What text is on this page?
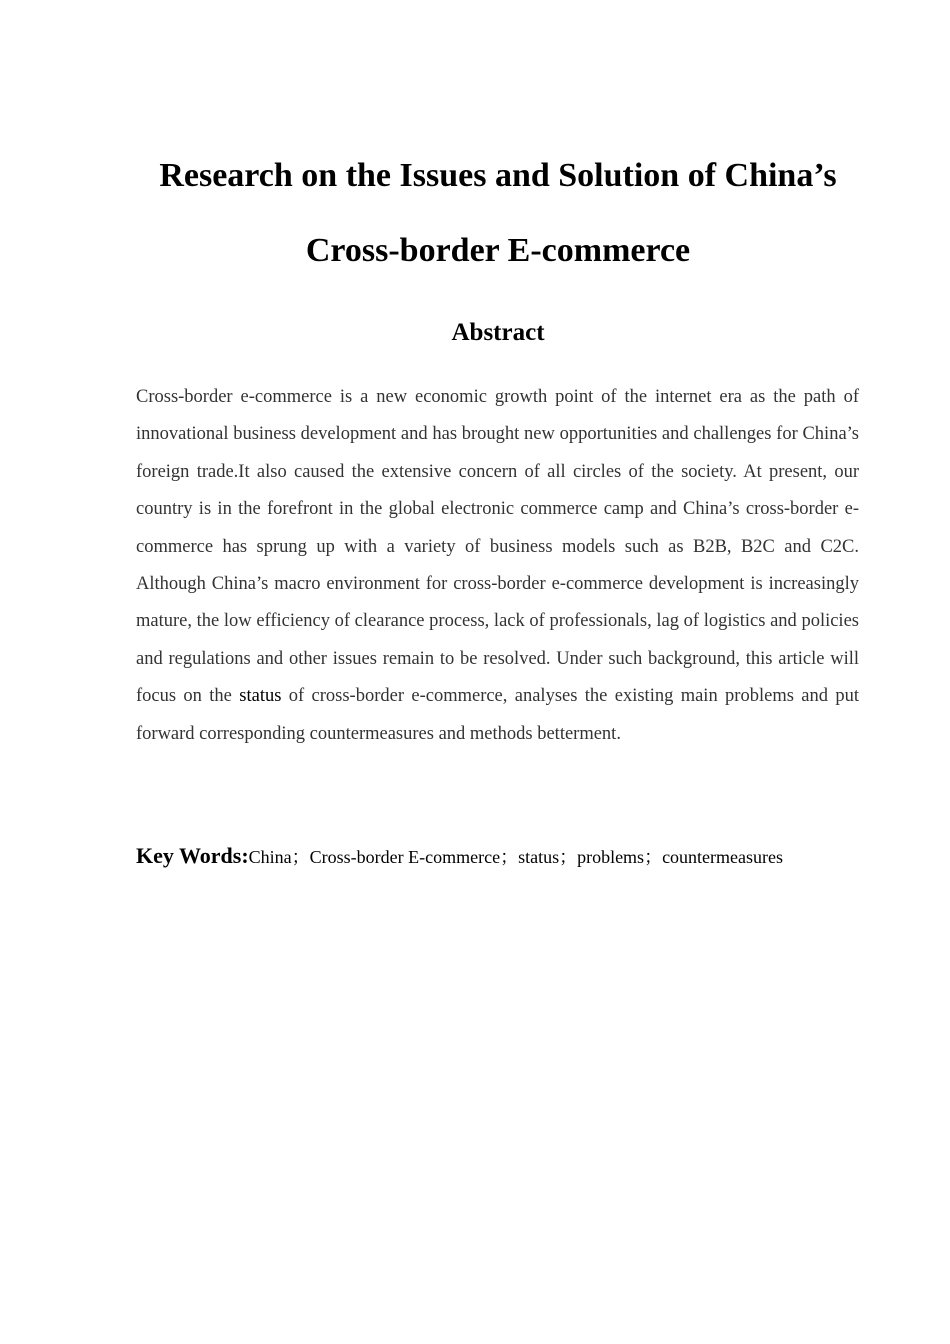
Research on the Issues and Solution of China’s
Cross-border E-commerce
Abstract

Cross-border e-commerce is a new economic growth point of the internet era as the path of innovational business development and has brought new opportunities and challenges for China’s foreign trade.It also caused the extensive concern of all circles of the society. At present, our country is in the forefront in the global electronic commerce camp and China’s cross-border e-commerce has sprung up with a variety of business models such as B2B, B2C and C2C. Although China’s macro environment for cross-border e-commerce development is increasingly mature, the low efficiency of clearance process, lack of professionals, lag of logistics and policies and regulations and other issues remain to be resolved. Under such background, this article will focus on the status of cross-border e-commerce, analyses the existing main problems and put forward corresponding countermeasures and methods betterment.

Key Words:China；Cross-border E-commerce；status；problems；countermeasures
